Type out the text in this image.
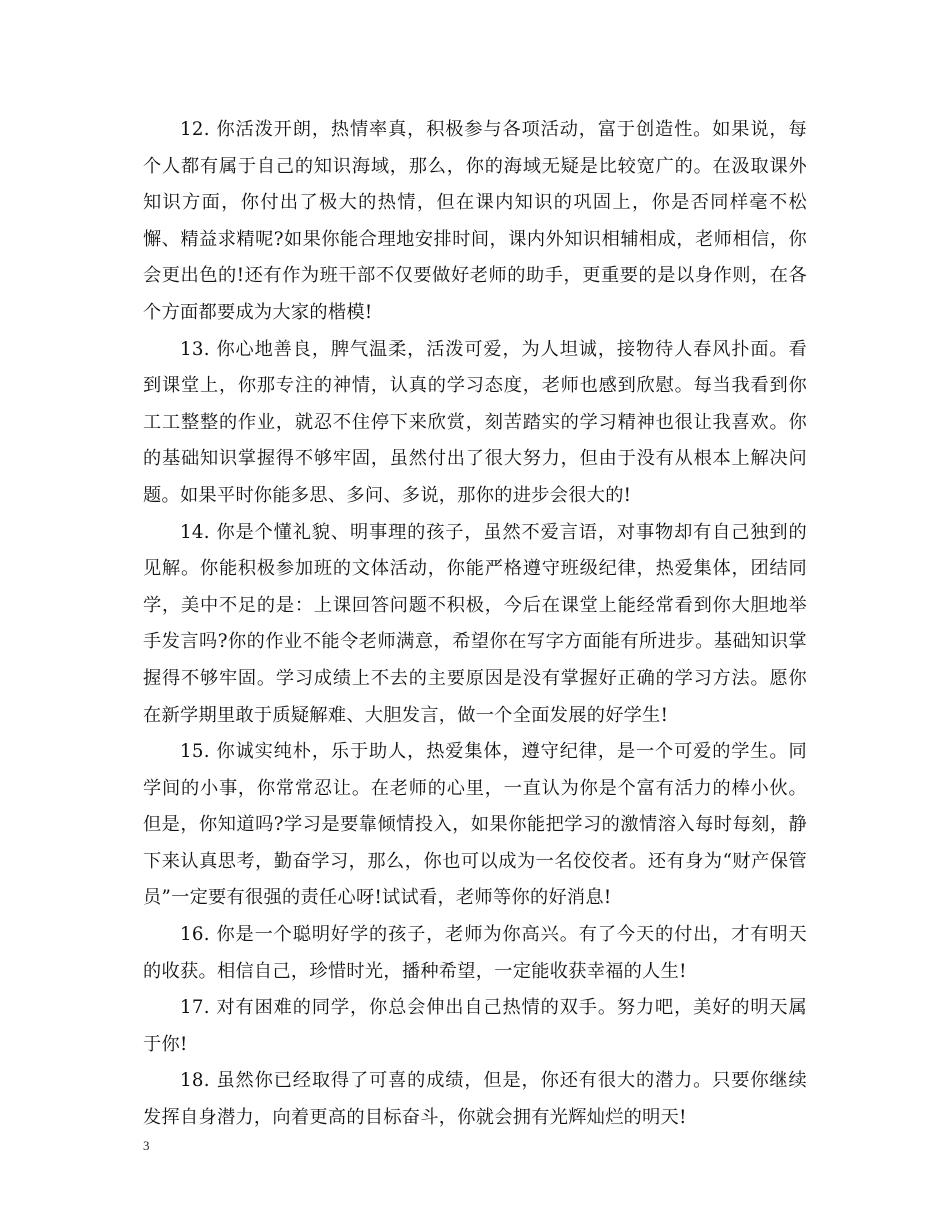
12. 你活泼开朗，热情率真，积极参与各项活动，富于创造性。如果说，每个人都有属于自己的知识海域，那么，你的海域无疑是比较宽广的。在汲取课外知识方面，你付出了极大的热情，但在课内知识的巩固上，你是否同样毫不松懈、精益求精呢?如果你能合理地安排时间，课内外知识相辅相成，老师相信，你会更出色的!还有作为班干部不仅要做好老师的助手，更重要的是以身作则，在各个方面都要成为大家的楷模!

13. 你心地善良，脾气温柔，活泼可爱，为人坦诚，接物待人春风扑面。看到课堂上，你那专注的神情，认真的学习态度，老师也感到欣慰。每当我看到你工工整整的作业，就忍不住停下来欣赏，刻苦踏实的学习精神也很让我喜欢。你的基础知识掌握得不够牢固，虽然付出了很大努力，但由于没有从根本上解决问题。如果平时你能多思、多问、多说，那你的进步会很大的!

14. 你是个懂礼貌、明事理的孩子，虽然不爱言语，对事物却有自己独到的见解。你能积极参加班的文体活动，你能严格遵守班级纪律，热爱集体，团结同学，美中不足的是：上课回答问题不积极，今后在课堂上能经常看到你大胆地举手发言吗?你的作业不能令老师满意，希望你在写字方面能有所进步。基础知识掌握得不够牢固。学习成绩上不去的主要原因是没有掌握好正确的学习方法。愿你在新学期里敢于质疑解难、大胆发言，做一个全面发展的好学生!

15. 你诚实纯朴，乐于助人，热爱集体，遵守纪律，是一个可爱的学生。同学间的小事，你常常忍让。在老师的心里，一直认为你是个富有活力的棒小伙。但是，你知道吗?学习是要靠倾情投入，如果你能把学习的激情溶入每时每刻，静下来认真思考，勤奋学习，那么，你也可以成为一名佼佼者。还有身为“财产保管员”一定要有很强的责任心呀!试试看，老师等你的好消息!

16. 你是一个聪明好学的孩子，老师为你高兴。有了今天的付出，才有明天的收获。相信自己，珍惜时光，播种希望，一定能收获幸福的人生!

17. 对有困难的同学，你总会伸出自己热情的双手。努力吧，美好的明天属于你!

18. 虽然你已经取得了可喜的成绩，但是，你还有很大的潜力。只要你继续发挥自身潜力，向着更高的目标奋斗，你就会拥有光辉灿烂的明天!

3
